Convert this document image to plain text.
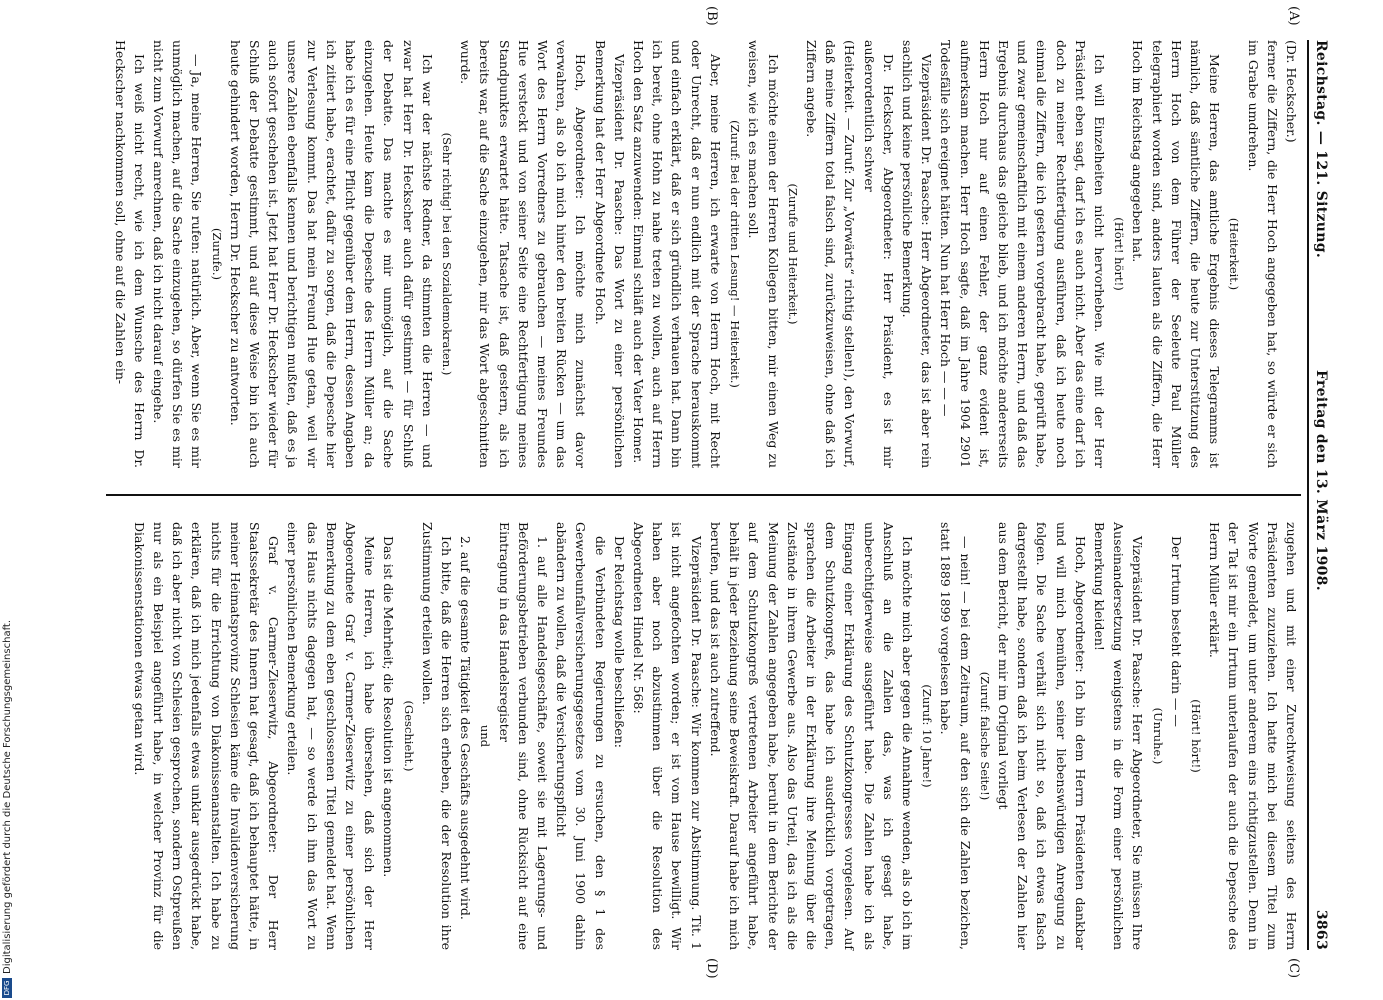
Reichstag. — 121. Sitzung.
Freitag den 13. März 1908.
3863
(A)
(B)
(C)
(D)

(Dr. Heckscher.)

ferner die Ziffern, die Herr Hoch angegeben hat, so würde er sich im Grabe umdrehen.

(Heiterkeit.)

Meine Herren, das amtliche Ergebnis dieses Telegramms ist nämlich, daß sämtliche Ziffern, die heute zur Unterstützung des Herrn Hoch von dem Führer der Seeleute Paul Müller telegraphiert worden sind, anders lauten als die Ziffern, die Herr Hoch im Reichstag angegeben hat.

(Hört! hört!)

Ich will Einzelheiten nicht hervorheben. Wie mit der Herr Präsident eben sagt, darf ich es auch nicht. Aber das eine darf ich doch zu meiner Rechtfertigung ausführen, daß ich heute noch einmal die Ziffern, die ich gestern vorgebracht habe, geprüft habe, und zwar gemeinschaftlich mit einem anderen Herrn, und daß das Ergebnis durchaus das gleiche blieb, und ich möchte andererseits Herrn Hoch nur auf einen Fehler, der ganz evident ist, aufmerksam machen. Herr Hoch sagte, daß im Jahre 1904 2901 Todesfälle sich ereignet hätten. Nun hat Herr Hoch — — —

Vizepräsident Dr. Paasche: Herr Abgeordneter, das ist aber rein sachlich und keine persönliche Bemerkung.

Dr. Heckscher, Abgeordneter: Herr Präsident, es ist mir außerordentlich schwer

(Heiterkeit. — Zuruf: Zur „Vorwärts“ richtig stellen!), den Vorwurf, daß meine Ziffern total falsch sind, zurückzuweisen, ohne daß ich Ziffern angebe.

(Zurufe und Heiterkeit.)

Ich möchte einen der Herren Kollegen bitten, mir einen Weg zu weisen, wie ich es machen soll.

(Zuruf: Bei der dritten Lesung! — Heiterkeit.)

Aber, meine Herren, ich erwarte von Herrn Hoch, mit Recht oder Unrecht, daß er nun endlich mit der Sprache herauskommt und einfach erklärt, daß er sich gründlich verhauen hat. Dann bin ich bereit, ohne Hohn zu nahe treten zu wollen, auch auf Herrn Hoch den Satz anzuwenden: Einmal schläft auch der Vater Homer.

Vizepräsident Dr. Paasche: Das Wort zu einer persönlichen Bemerkung hat der Herr Abgeordnete Hoch.

Hoch, Abgeordneter: Ich möchte mich zunächst davor verwahren, als ob ich mich hinter den breiten Rücken — um das Wort des Herrn Vorredners zu gebrauchen — meines Freundes Hue versteckt und von seiner Seite eine Rechtfertigung meines Standpunktes erwartet hätte. Tatsache ist, daß gestern, als ich bereits war, auf die Sache einzugehen, mir das Wort abgeschnitten wurde.

(Sehr richtig! bei den Sozialdemokraten.)

Ich war der nächste Redner, da stimmten die Herren — und zwar hat Herr Dr. Heckscher auch dafür gestimmt — für Schluß der Debatte. Das machte es mir unmöglich, auf die Sache einzugehen. Heute kam die Depesche des Herrn Müller an; da habe ich es für eine Pflicht gegenüber dem Herrn, dessen Angaben ich zitiert habe, erachtet, dafür zu sorgen, daß die Depesche hier zur Verlesung kommt. Das hat mein Freund Hue getan, weil wir unsere Zahlen ebenfalls kennen und berichtigen mußten, daß es ja auch sofort geschehen ist. Jetzt hat Herr Dr. Heckscher wieder für Schluß der Debatte gestimmt, und auf diese Weise bin ich auch heute gehindert worden, Herrn Dr. Heckscher zu antworten.

(Zurufe.)

— Ja, meine Herren, Sie rufen: natürlich. Aber, wenn Sie es mir unmöglich machen, auf die Sache einzugehen, so dürfen Sie es mir nicht zum Vorwurf anrechnen, daß ich nicht darauf eingehe.

Ich weiß nicht recht, wie ich dem Wunsche des Herrn Dr. Heckscher nachkommen soll, ohne auf die Zahlen ein-

zugehen und mit einer Zurechtweisung seitens des Herrn Präsidenten zuzuziehen. Ich hatte mich bei diesem Titel zum Worte gemeldet, um unter anderem eins richtigzustellen. Denn in der Tat ist mir ein Irrtum unterlaufen der auch die Depesche des Herrn Müller erklärt.

(Hört! hört!)

Der Irrtum besteht darin — —

(Unruhe.)

Vizepräsident Dr. Paasche: Herr Abgeordneter, Sie müssen Ihre Auseinandersetzung wenigstens in die Form einer persönlichen Bemerkung kleiden!

Hoch, Abgeordneter: Ich bin dem Herrn Präsidenten dankbar und will mich bemühen, seiner liebenswürdigen Anregung zu folgen. Die Sache verhält sich nicht so, daß ich etwas falsch dargestellt habe, sondern daß ich beim Verlesen der Zahlen hier aus dem Bericht, der mir im Original vorliegt

(Zuruf: falsche Seite!)

— nein! — bei dem Zeitraum, auf den sich die Zahlen bezichen, statt 1889 1899 vorgelesen habe.

(Zuruf: 10 Jahre!)

Ich möchte mich aber gegen die Annahme wenden, als ob ich im Anschluß an die Zahlen das, was ich gesagt habe, unberechtigterweise ausgeführt habe. Die Zahlen habe ich als Eingang einer Erklärung des Schutzkongresses vorgelesen. Auf dem Schutzkongreß, das habe ich ausdrücklich vorgetragen, sprachen die Arbeiter in der Erklärung ihre Meinung über die Zustände in ihrem Gewerbe aus. Also das Urteil, das ich als die Meinung der Zahlen angegeben habe, beruht in dem Berichte der auf dem Schutzkongreß vertretenen Arbeiter angeführt habe, behält in jeder Beziehung seine Beweiskraft. Darauf habe ich mich berufen, und das ist auch zutreffend.

Vizepräsident Dr. Paasche: Wir kommen zur Abstimmung. Tit. 1 ist nicht angefochten worden; er ist vom Hause bewilligt. Wir haben aber noch abzustimmen über die Resolution des Abgeordneten Hindel Nr. 568:

Der Reichstag wolle beschließen:

die Verbündeten Regierungen zu ersuchen, den § 1 des Gewerbeunfallversicherungsgesetzes vom 30. Juni 1900 dahin abändern zu wollen, daß die Versicherungspflicht

1. auf alle Handelsgeschäfte, soweit sie mit Lagerungs- und Beförderungsbetrieben verbunden sind, ohne Rücksicht auf eine Eintragung in das Handelsregister

und

2. auf die gesamte Tätigkeit des Geschäfts ausgedehnt wird.

Ich bitte, daß die Herren sich erheben, die der Resolution ihre Zustimmung erteilen wollen.

(Geschieht.)

Das ist die Mehrheit; die Resolution ist angenommen.

Meine Herren, ich habe übersehen, daß sich der Herr Abgeordnete Graf v. Carmer-Zieserwitz zu einer persönlichen Bemerkung zu dem eben geschlossenen Titel gemeldet hat. Wenn das Haus nichts dagegen hat, — so werde ich ihm das Wort zu einer persönlichen Bemerkung erteilen.

Graf v. Carmer-Zieserwitz, Abgeordneter: Der Herr Staatssekretär des Innern hat gesagt, daß ich behauptet hätte, in meiner Heimatsprovinz Schlesien käme die Invalidenversicherung nichts für die Errichtung von Diakonissenanstalten. Ich habe zu erklären, daß ich mich jedenfalls etwas unklar ausgedrückt habe, daß ich aber nicht von Schlesien gesprochen, sondern Ostpreußen nur als ein Beispiel angeführt habe, in welcher Provinz für die Diakonissenstationen etwas getan wird.

DFGDigitalisierung gefördert durch die Deutsche Forschungsgemeinschaft.
